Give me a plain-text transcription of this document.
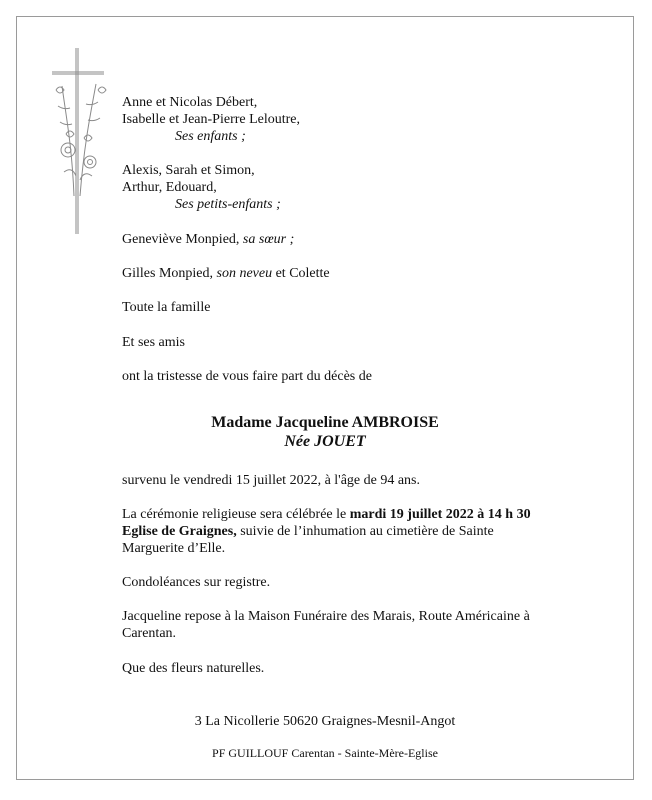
Anne et Nicolas Débert,
Isabelle et Jean-Pierre Leloutre,
Ses enfants ;
Alexis, Sarah et Simon,
Arthur, Edouard,
Ses petits-enfants ;
Geneviève Monpied, sa sœur ;
Gilles Monpied, son neveu et Colette
Toute la famille
Et ses amis
ont la tristesse de vous faire part du décès de
Madame Jacqueline AMBROISE
Née JOUET
survenu le vendredi 15 juillet 2022, à l'âge de 94 ans.
La cérémonie religieuse sera célébrée le mardi 19 juillet 2022 à 14 h 30
Eglise de Graignes, suivie de l’inhumation au cimetière de Sainte
Marguerite d’Elle.
Condoléances sur registre.
Jacqueline repose à la Maison Funéraire des Marais, Route Américaine à
Carentan.
Que des fleurs naturelles.
3 La Nicollerie 50620 Graignes-Mesnil-Angot
PF GUILLOUF Carentan - Sainte-Mère-Eglise
